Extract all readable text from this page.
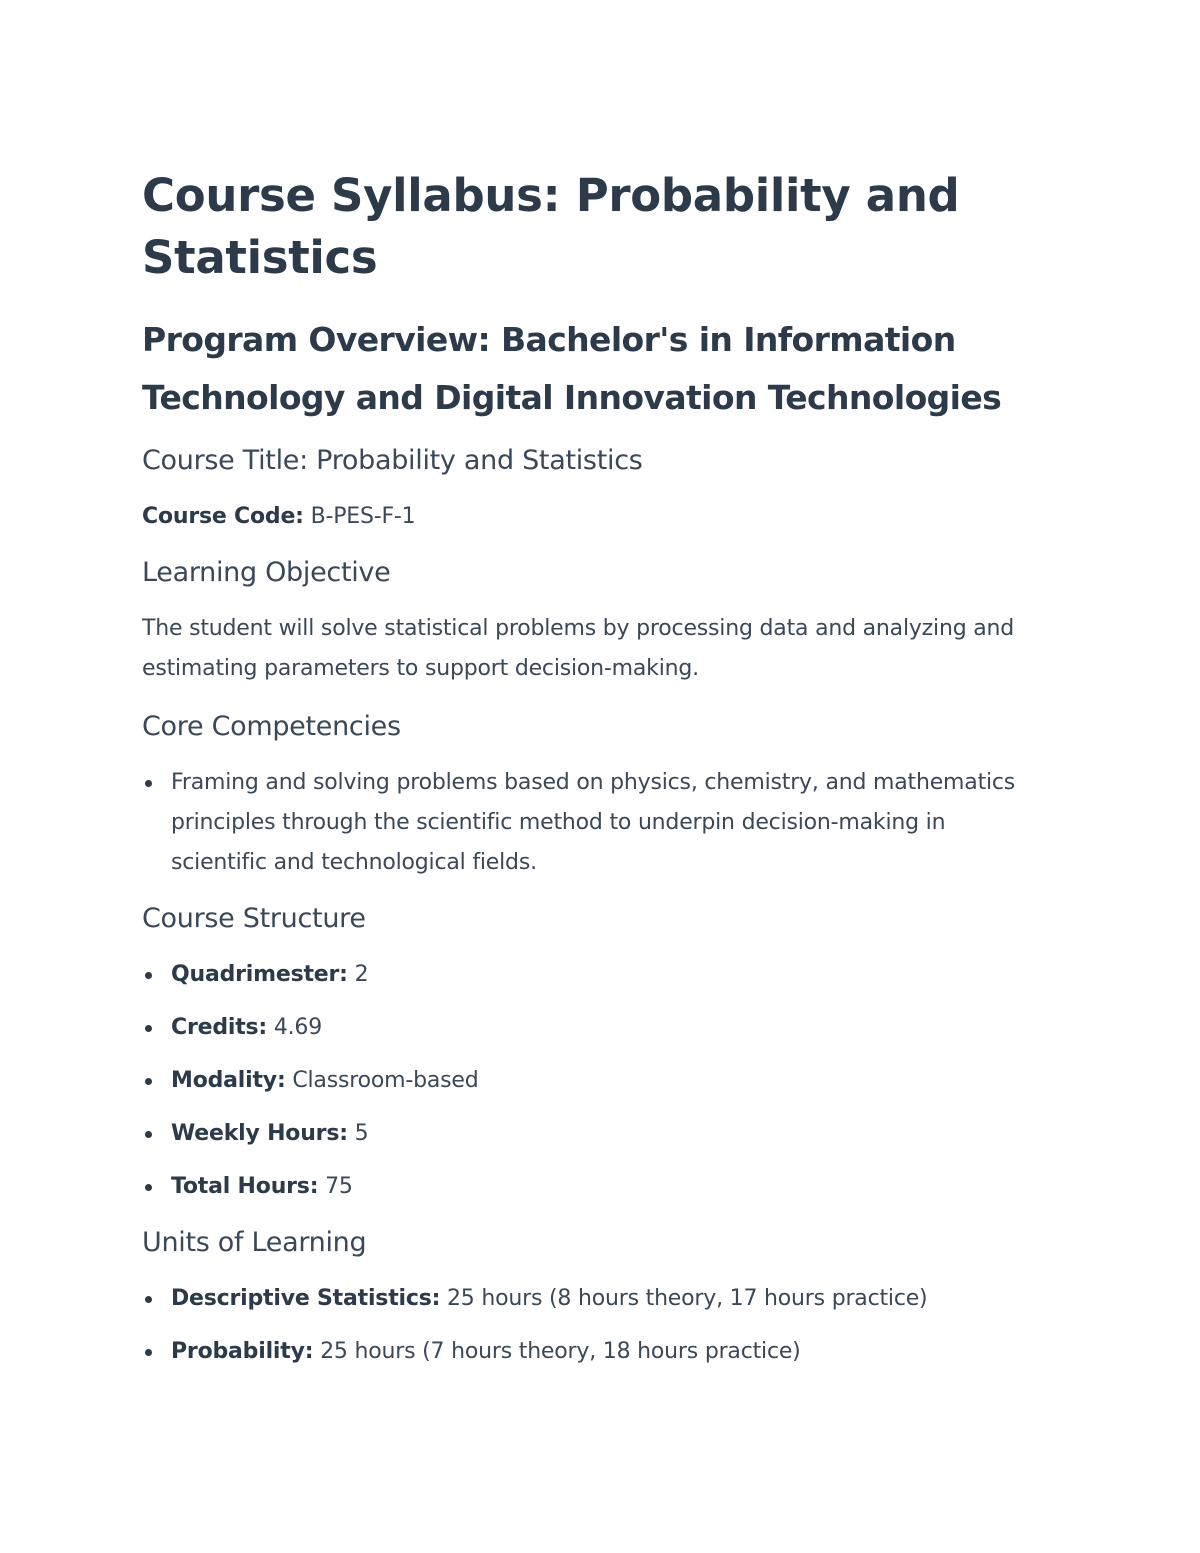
Course Syllabus: Probability and Statistics
Program Overview: Bachelor's in Information Technology and Digital Innovation Technologies
Course Title: Probability and Statistics

Course Code: B-PES-F-1

Learning Objective

The student will solve statistical problems by processing data and analyzing and estimating parameters to support decision-making.

Core Competencies
Framing and solving problems based on physics, chemistry, and mathematics principles through the scientific method to underpin decision-making in scientific and technological fields.
Course Structure
Quadrimester: 2
Credits: 4.69
Modality: Classroom-based
Weekly Hours: 5
Total Hours: 75
Units of Learning
Descriptive Statistics: 25 hours (8 hours theory, 17 hours practice)
Probability: 25 hours (7 hours theory, 18 hours practice)
